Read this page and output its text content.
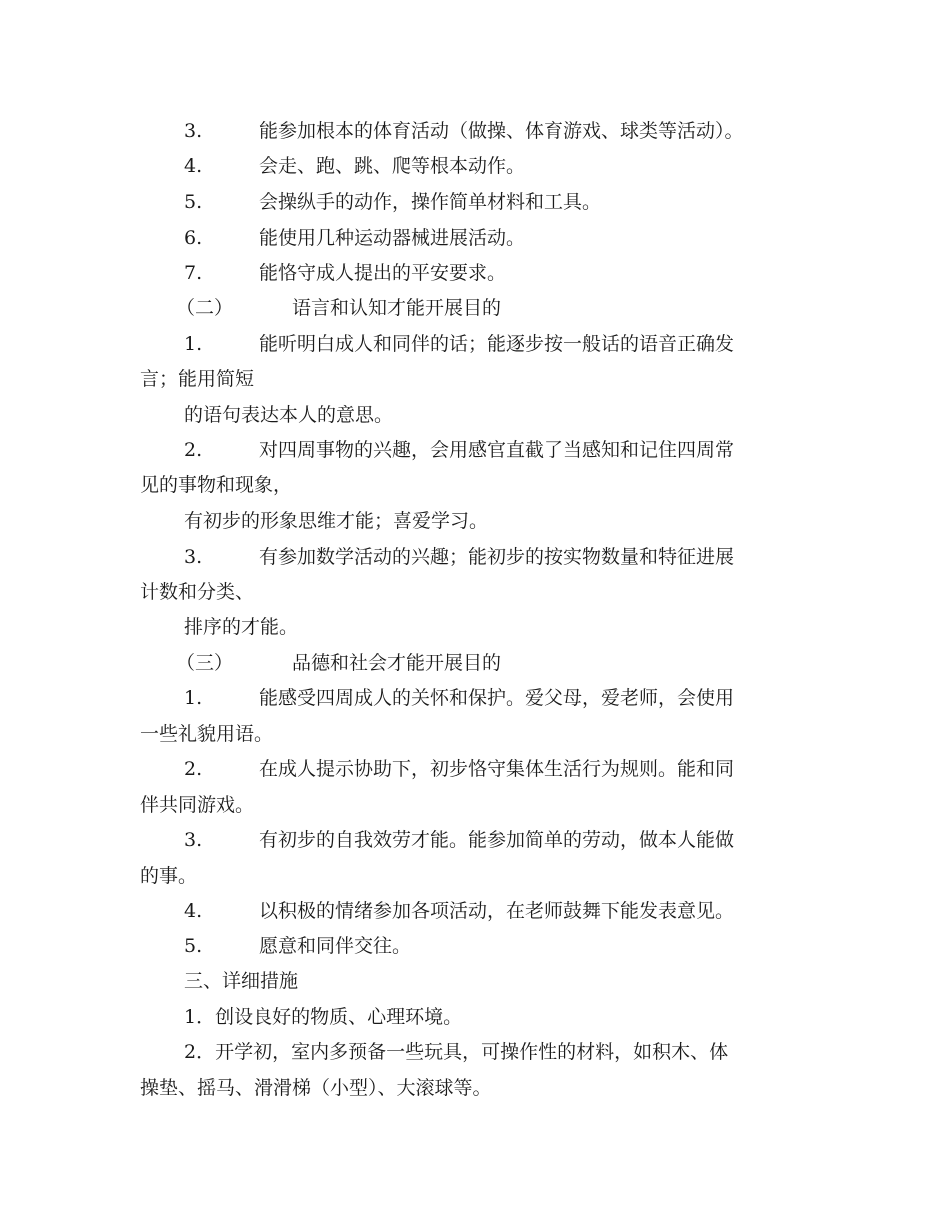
3.	能参加根本的体育活动（做操、体育游戏、球类等活动）。
4.	会走、跑、跳、爬等根本动作。
5.	会操纵手的动作，操作简单材料和工具。
6.	能使用几种运动器械进展活动。
7.	能恪守成人提出的平安要求。
（二）	语言和认知才能开展目的
1.	能听明白成人和同伴的话；能逐步按一般话的语音正确发
言；能用简短
的语句表达本人的意思。
2.	对四周事物的兴趣，会用感官直截了当感知和记住四周常
见的事物和现象，
有初步的形象思维才能；喜爱学习。
3.	有参加数学活动的兴趣；能初步的按实物数量和特征进展
计数和分类、
排序的才能。
（三）	品德和社会才能开展目的
1.	能感受四周成人的关怀和保护。爱父母，爱老师，会使用
一些礼貌用语。
2.	在成人提示协助下，初步恪守集体生活行为规则。能和同
伴共同游戏。
3.	有初步的自我效劳才能。能参加简单的劳动，做本人能做
的事。
4.	以积极的情绪参加各项活动，在老师鼓舞下能发表意见。
5.	愿意和同伴交往。
三、详细措施
1．创设良好的物质、心理环境。
2．开学初，室内多预备一些玩具，可操作性的材料，如积木、体
操垫、摇马、滑滑梯（小型）、大滚球等。
